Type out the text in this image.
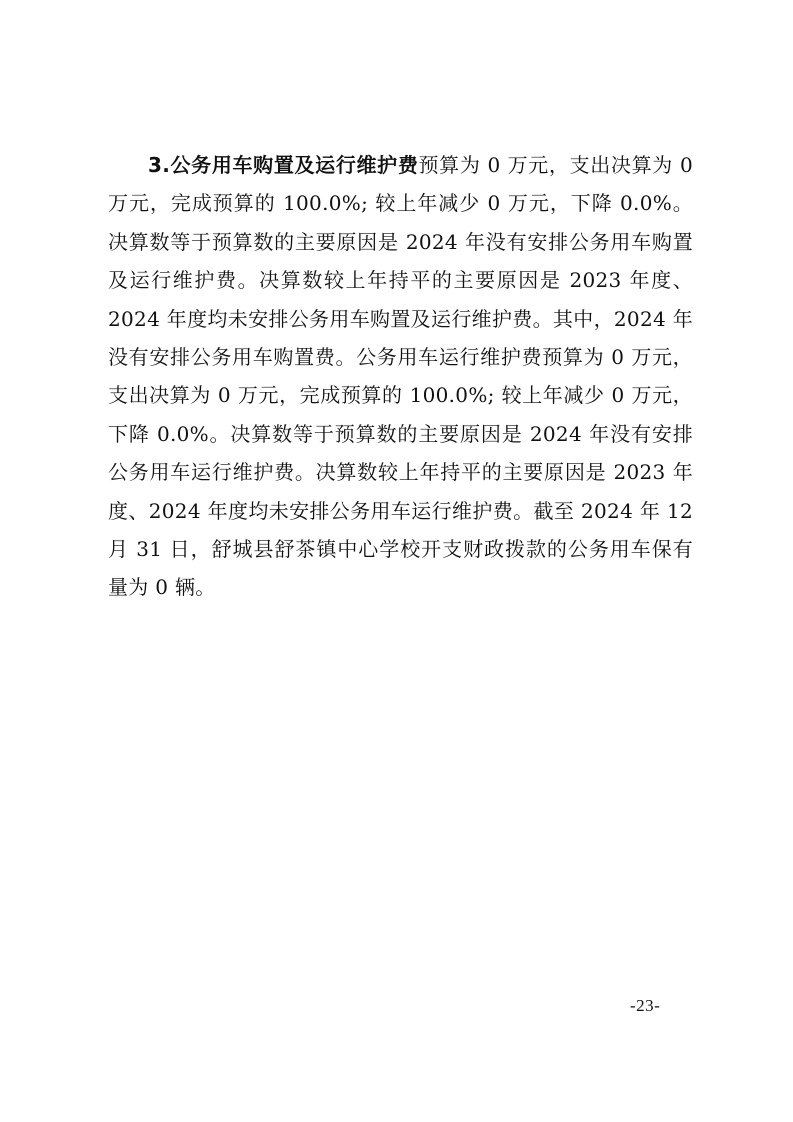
3.公务用车购置及运行维护费预算为 0 万元，支出决算为 0 万元，完成预算的 100.0%; 较上年减少 0 万元，下降 0.0%。决算数等于预算数的主要原因是 2024 年没有安排公务用车购置及运行维护费。决算数较上年持平的主要原因是 2023 年度、2024 年度均未安排公务用车购置及运行维护费。其中，2024 年没有安排公务用车购置费。公务用车运行维护费预算为 0 万元，支出决算为 0 万元，完成预算的 100.0%; 较上年减少 0 万元，下降 0.0%。决算数等于预算数的主要原因是 2024 年没有安排公务用车运行维护费。决算数较上年持平的主要原因是 2023 年度、2024 年度均未安排公务用车运行维护费。截至 2024 年 12 月 31 日，舒城县舒茶镇中心学校开支财政拨款的公务用车保有量为 0 辆。

-23-
